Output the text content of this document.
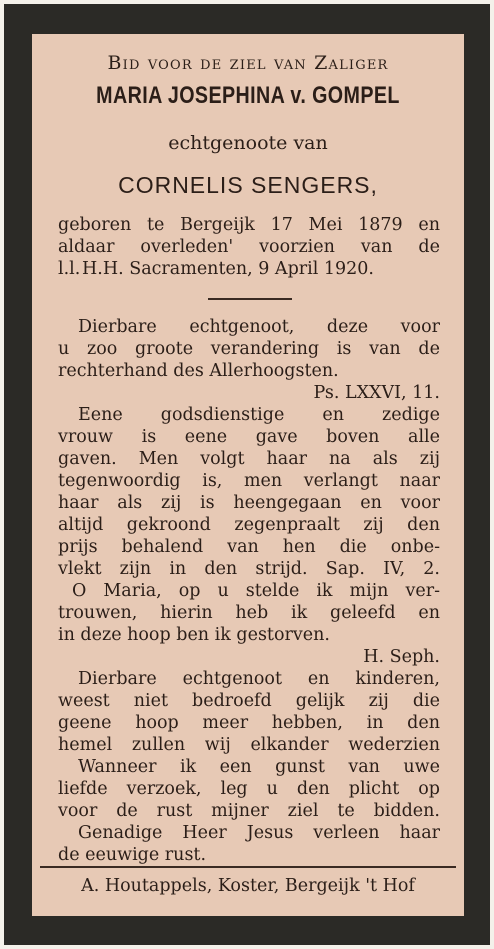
Bid voor de ziel van Zaliger
MARIA JOSEPHINA v. GOMPEL
echtgenoote van
CORNELIS SENGERS,
geboren te Bergeijk 17 Mei 1879 en
aldaar overleden' voorzien van de
l.l.H.H. Sacramenten, 9 April 1920.
Dierbare echtgenoot, deze voor
u zoo groote verandering is van de
rechterhand des Allerhoogsten.
Ps. LXXVI, 11.
Eene godsdienstige en zedige
vrouw is eene gave boven alle
gaven. Men volgt haar na als zij
tegenwoordig is, men verlangt naar
haar als zij is heengegaan en voor
altijd gekroond zegenpraalt zij den
prijs behalend van hen die onbe-
vlekt zijn in den strijd. Sap. IV, 2.
O Maria, op u stelde ik mijn ver-
trouwen, hierin heb ik geleefd en
in deze hoop ben ik gestorven.
H. Seph.
Dierbare echtgenoot en kinderen,
weest niet bedroefd gelijk zij die
geene hoop meer hebben, in den
hemel zullen wij elkander wederzien
Wanneer ik een gunst van uwe
liefde verzoek, leg u den plicht op
voor de rust mijner ziel te bidden.
Genadige Heer Jesus verleen haar
de eeuwige rust.
A. Houtappels, Koster, Bergeijk 't Hof
